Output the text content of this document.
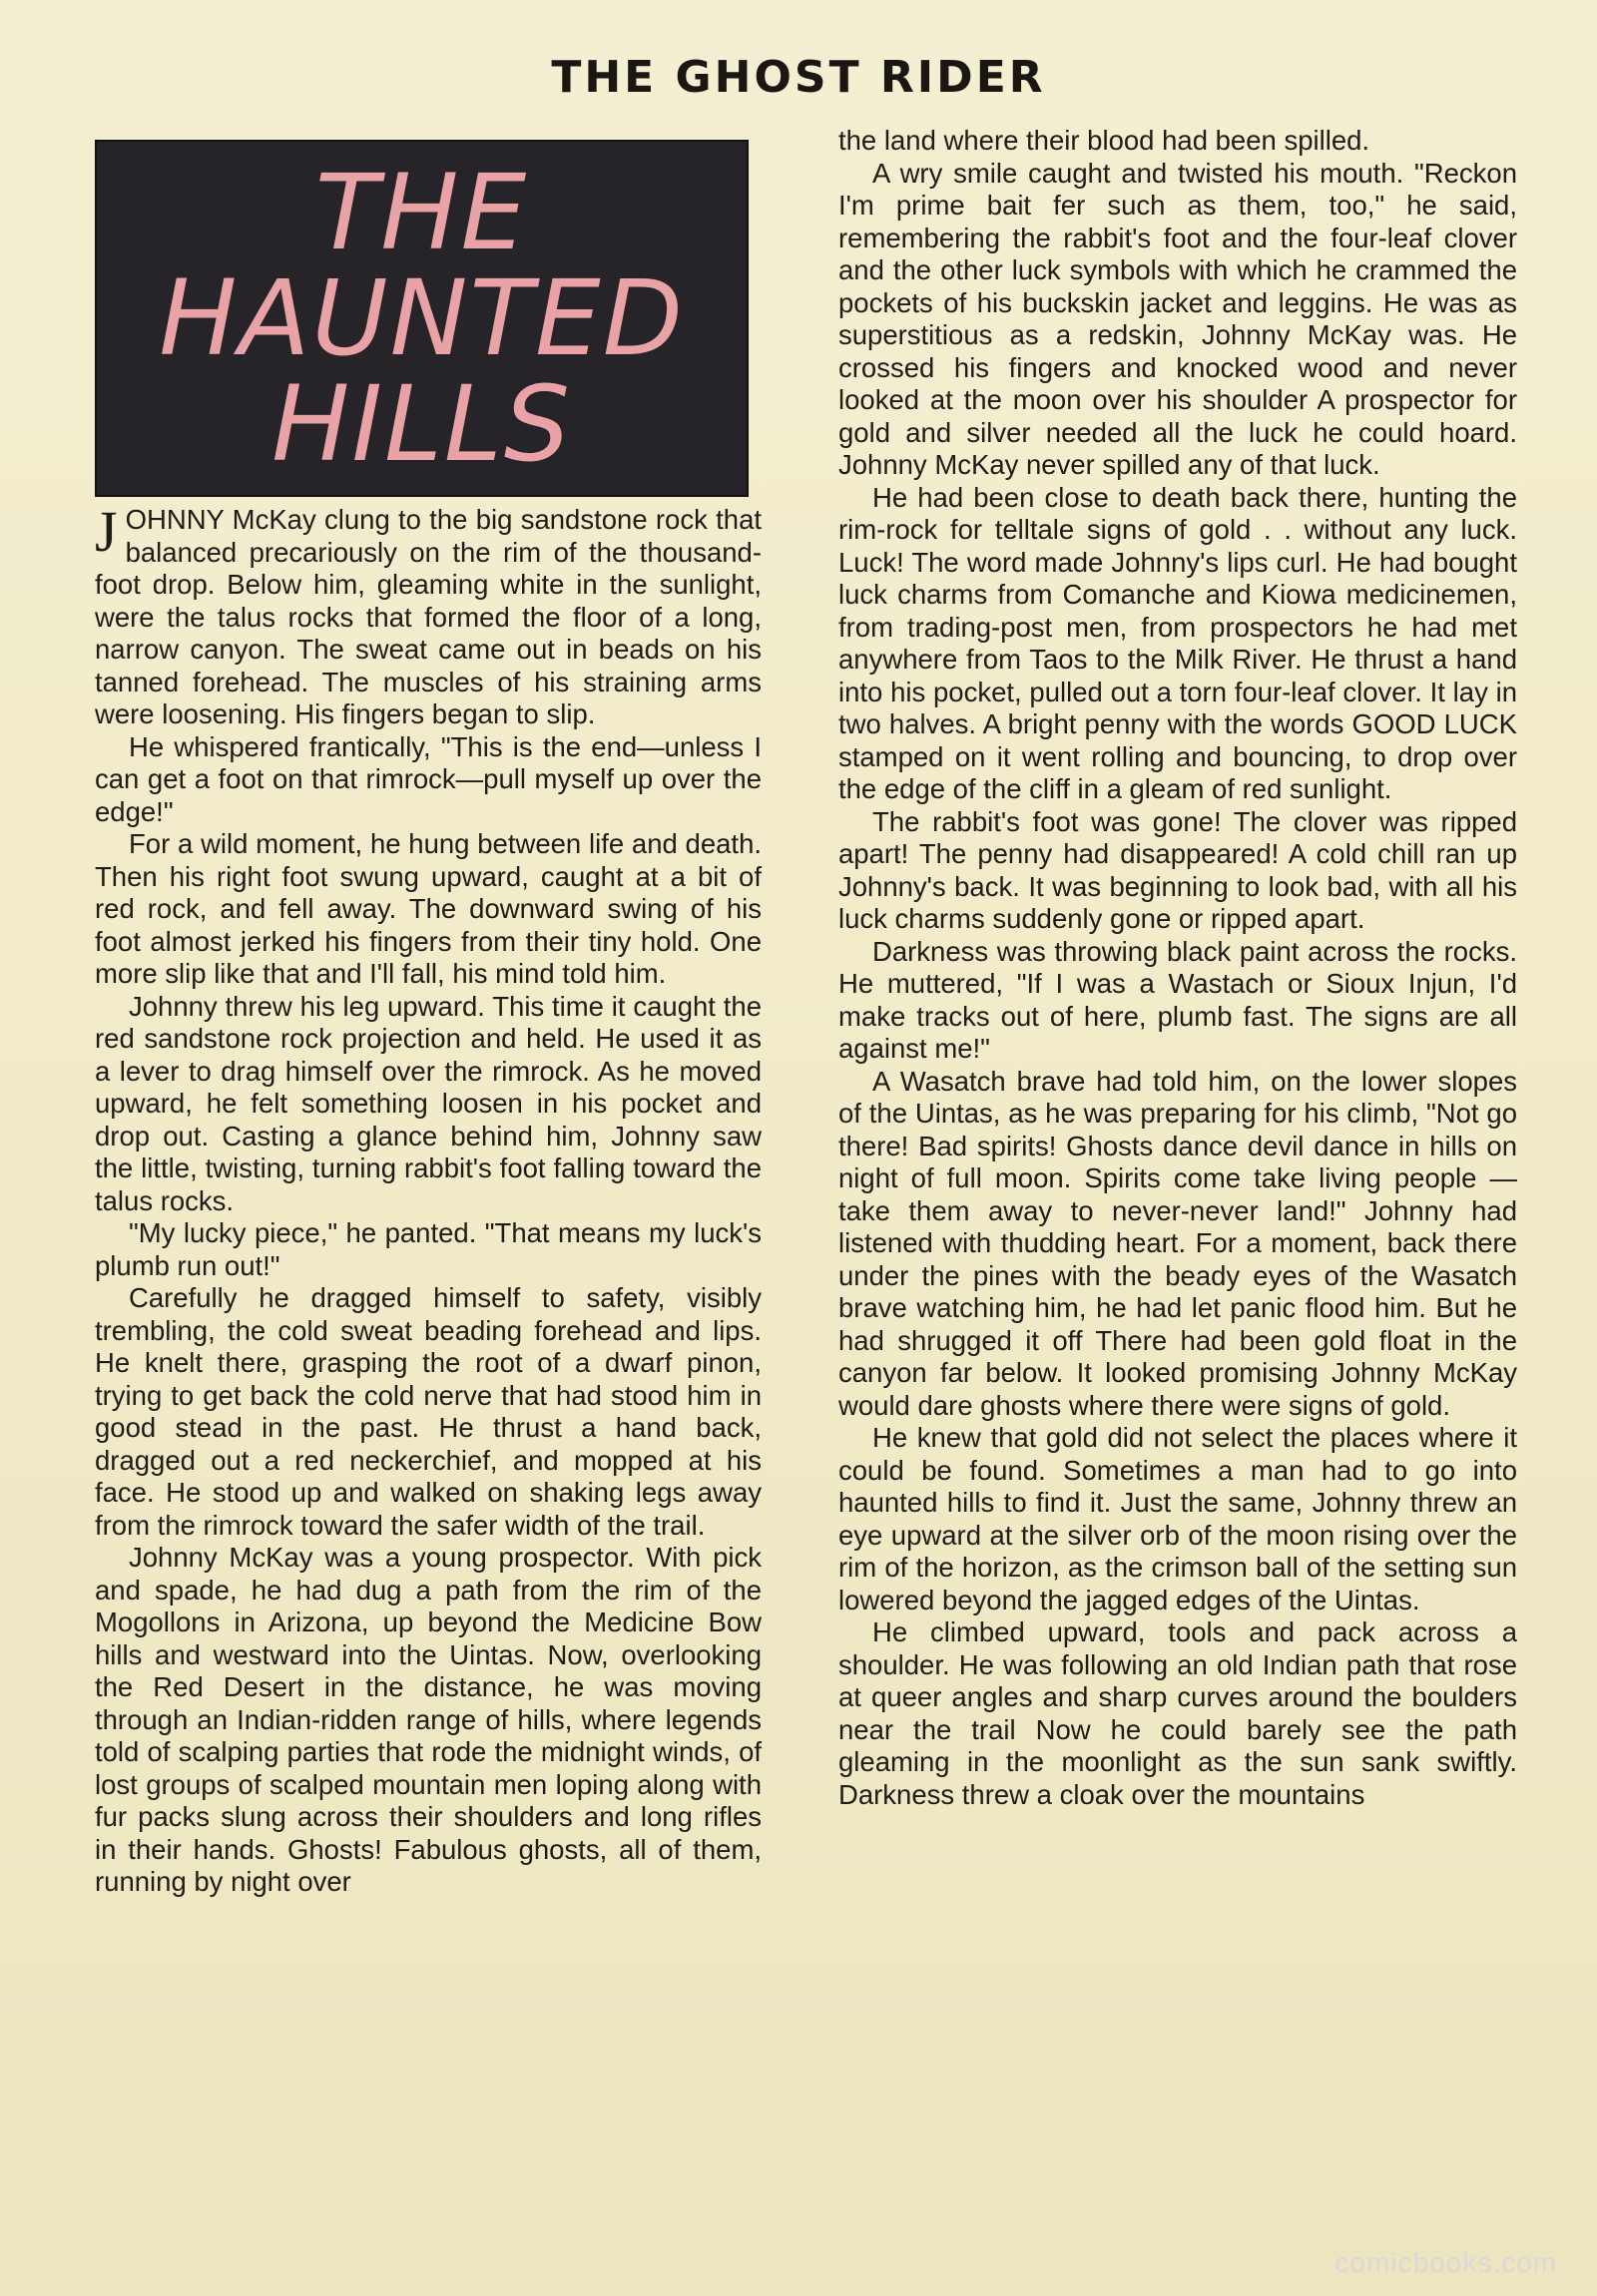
THE GHOST RIDER
THE
HAUNTED
HILLS

JOHNNY McKay clung to the big sandstone rock that balanced precariously on the rim of the thousand-foot drop. Below him, gleaming white in the sunlight, were the talus rocks that formed the floor of a long, narrow canyon. The sweat came out in beads on his tanned forehead. The muscles of his straining arms were loosening. His fingers began to slip.

He whispered frantically, "This is the end—unless I can get a foot on that rimrock—pull myself up over the edge!"

For a wild moment, he hung between life and death. Then his right foot swung upward, caught at a bit of red rock, and fell away. The downward swing of his foot almost jerked his fingers from their tiny hold. One more slip like that and I'll fall, his mind told him.

Johnny threw his leg upward. This time it caught the red sandstone rock projection and held. He used it as a lever to drag himself over the rimrock. As he moved upward, he felt something loosen in his pocket and drop out. Casting a glance behind him, Johnny saw the little, twisting, turning rabbit's foot falling toward the talus rocks.

"My lucky piece," he panted. "That means my luck's plumb run out!"

Carefully he dragged himself to safety, visibly trembling, the cold sweat beading forehead and lips. He knelt there, grasping the root of a dwarf pinon, trying to get back the cold nerve that had stood him in good stead in the past. He thrust a hand back, dragged out a red neckerchief, and mopped at his face. He stood up and walked on shaking legs away from the rimrock toward the safer width of the trail.

Johnny McKay was a young prospector. With pick and spade, he had dug a path from the rim of the Mogollons in Arizona, up beyond the Medicine Bow hills and westward into the Uintas. Now, overlooking the Red Desert in the distance, he was moving through an Indian-ridden range of hills, where legends told of scalping parties that rode the midnight winds, of lost groups of scalped mountain men loping along with fur packs slung across their shoulders and long rifles in their hands. Ghosts! Fabulous ghosts, all of them, running by night over

the land where their blood had been spilled.

A wry smile caught and twisted his mouth. "Reckon I'm prime bait fer such as them, too," he said, remembering the rabbit's foot and the four-leaf clover and the other luck symbols with which he crammed the pockets of his buckskin jacket and leggins. He was as superstitious as a redskin, Johnny McKay was. He crossed his fingers and knocked wood and never looked at the moon over his shoulder A prospector for gold and silver needed all the luck he could hoard. Johnny McKay never spilled any of that luck.

He had been close to death back there, hunting the rim-rock for telltale signs of gold . . without any luck. Luck! The word made Johnny's lips curl. He had bought luck charms from Comanche and Kiowa medicinemen, from trading-post men, from prospectors he had met anywhere from Taos to the Milk River. He thrust a hand into his pocket, pulled out a torn four-leaf clover. It lay in two halves. A bright penny with the words GOOD LUCK stamped on it went rolling and bouncing, to drop over the edge of the cliff in a gleam of red sunlight.

The rabbit's foot was gone! The clover was ripped apart! The penny had disappeared! A cold chill ran up Johnny's back. It was beginning to look bad, with all his luck charms suddenly gone or ripped apart.

Darkness was throwing black paint across the rocks. He muttered, "If I was a Wastach or Sioux Injun, I'd make tracks out of here, plumb fast. The signs are all against me!"

A Wasatch brave had told him, on the lower slopes of the Uintas, as he was preparing for his climb, "Not go there! Bad spirits! Ghosts dance devil dance in hills on night of full moon. Spirits come take living people —take them away to never-never land!" Johnny had listened with thudding heart. For a moment, back there under the pines with the beady eyes of the Wasatch brave watching him, he had let panic flood him. But he had shrugged it off There had been gold float in the canyon far below. It looked promising Johnny McKay would dare ghosts where there were signs of gold.

He knew that gold did not select the places where it could be found. Sometimes a man had to go into haunted hills to find it. Just the same, Johnny threw an eye upward at the silver orb of the moon rising over the rim of the horizon, as the crimson ball of the setting sun lowered beyond the jagged edges of the Uintas.

He climbed upward, tools and pack across a shoulder. He was following an old Indian path that rose at queer angles and sharp curves around the boulders near the trail Now he could barely see the path gleaming in the moonlight as the sun sank swiftly. Darkness threw a cloak over the mountains

comicbooks.com
